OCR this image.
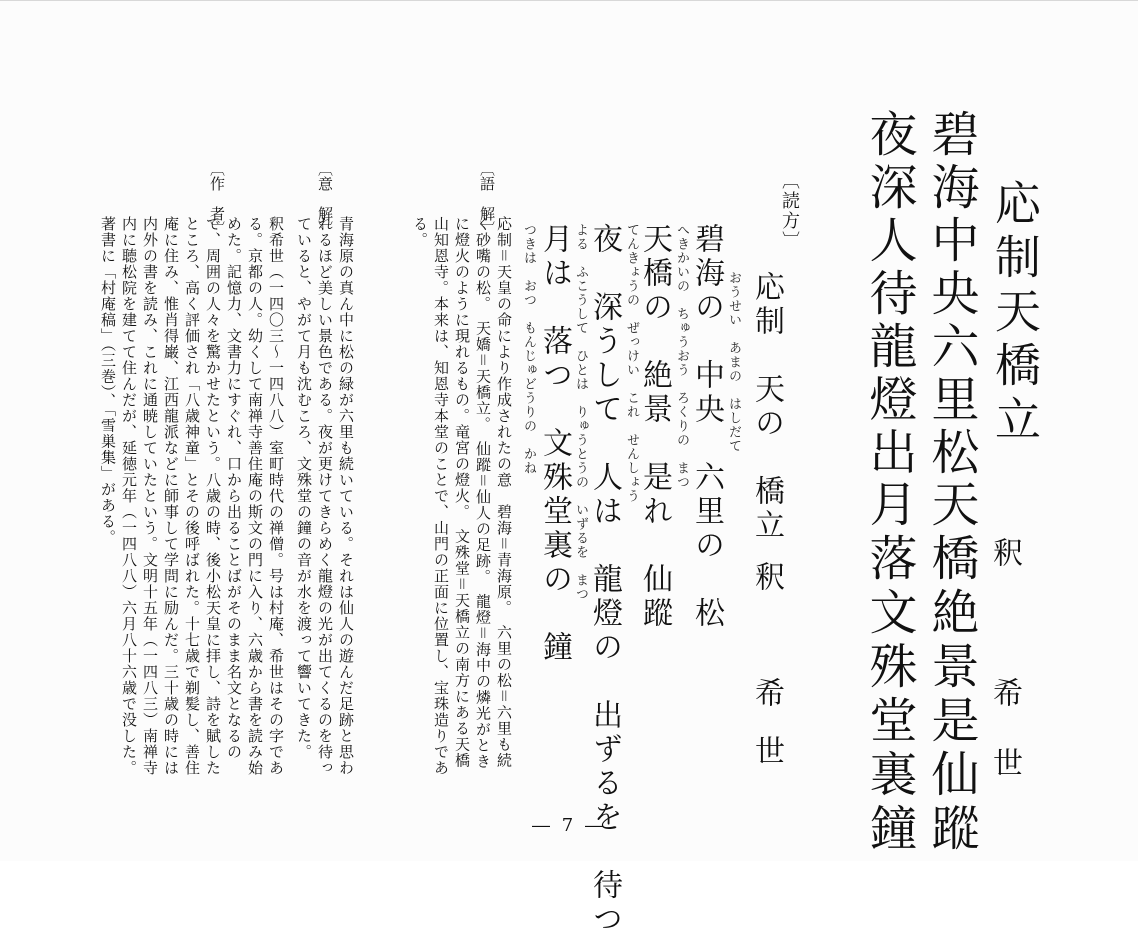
応制天橋立
釈　希世
碧海中央六里松
天橋絶景是仙蹤
夜深人待龍燈出
月落文殊堂裏鐘
〔読方〕
おうせい　あまの　はしだて 応制　天の　橋立
釈　希世
へきかいの　ちゅうおう　ろくりの　まつ 碧海の　中央　六里の　松
てんきょうの　ぜっけい　これ　せんしょう
天橋の　絶景　是れ　仙蹤
よる　ふこうして　ひとは　りゅうとうの　いずるを　まつ 夜　深うして　人は　龍燈の　出ずるを　待つ
つきは　おつ　もんじゅどうりの　かね 月は　落つ　文殊堂裏の　鐘
〔語　解〕
応制＝天皇の命により作成されたの意　碧海＝青海原。　六里の松＝六里も続く砂嘴の松。　天嬌＝天橋立。　仙蹤＝仙人の足跡。　龍燈＝海中の燐光がときに燈火のように現れるもの。竜宮の燈火。　文殊堂＝天橋立の南方にある天橋山知恩寺。本来は、知恩寺本堂のことで、山門の正面に位置し、宝珠造りである。
〔意　解〕
青海原の真ん中に松の緑が六里も続いている。それは仙人の遊んだ足跡と思われるほど美しい景色である。夜が更けてきらめく龍燈の光が出てくるのを待っていると、やがて月も沈むころ、文殊堂の鐘の音が水を渡って響いてきた。
〔作　者〕
釈希世（一四〇三〜一四八八）室町時代の禅僧。号は村庵、希世はその字である。京都の人。幼くして南禅寺善住庵の斯文の門に入り、六歳から書を読み始めた。記憶力、文書力にすぐれ、口から出ることばがそのまま名文となるので、周囲の人々を驚かせたという。八歳の時、後小松天皇に拝し、詩を賦したところ、高く評価され「八歳神童」とその後呼ばれた。十七歳で剃髪し、善住庵に住み、惟肖得巌、江西龍派などに師事して学問に励んだ。三十歳の時には内外の書を読み、これに通暁していたという。文明十五年（一四八三）南禅寺内に聴松院を建てて住んだが、延徳元年（一四八八）六月八十六歳で没した。著書に「村庵稿」（三巻）、「雪巣集」がある。
― 7 ―
